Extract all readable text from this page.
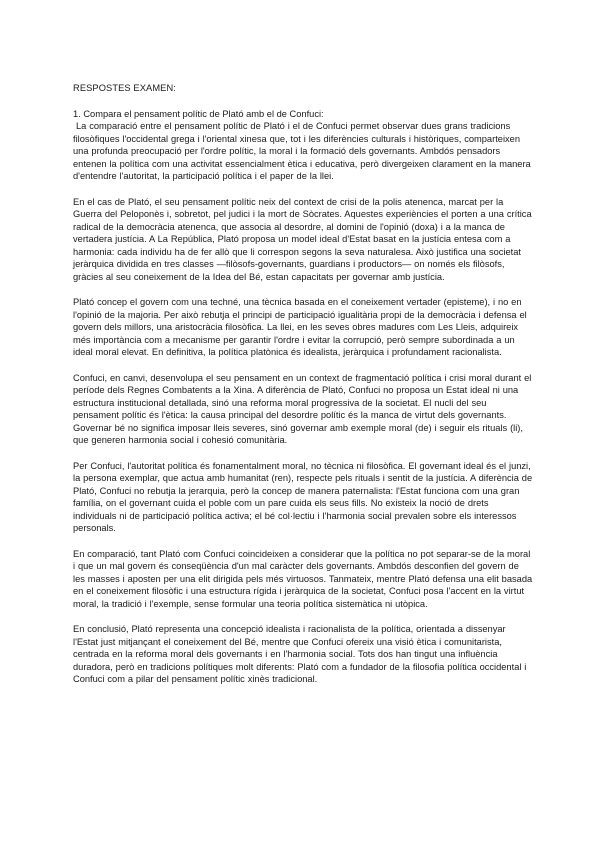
RESPOSTES EXAMEN:

1. Compara el pensament polític de Plató amb el de Confuci:

La comparació entre el pensament polític de Plató i el de Confuci permet observar dues grans tradicions filosòfiques l'occidental grega i l'oriental xinesa que, tot i les diferències culturals i històriques, comparteixen una profunda preocupació per l'ordre polític, la moral i la formació dels governants. Ambdós pensadors entenen la política com una activitat essencialment ètica i educativa, però divergeixen clarament en la manera d'entendre l'autoritat, la participació política i el paper de la llei.

En el cas de Plató, el seu pensament polític neix del context de crisi de la polis atenenca, marcat per la Guerra del Peloponès i, sobretot, pel judici i la mort de Sòcrates. Aquestes experiències el porten a una crítica radical de la democràcia atenenca, que associa al desordre, al domini de l'opinió (doxa) i a la manca de vertadera justícia. A La República, Plató proposa un model ideal d'Estat basat en la justícia entesa com a harmonia: cada individu ha de fer allò que li correspon segons la seva naturalesa. Això justifica una societat jeràrquica dividida en tres classes —filòsofs-governants, guardians i productors— on només els filòsofs, gràcies al seu coneixement de la Idea del Bé, estan capacitats per governar amb justícia.

Plató concep el govern com una techné, una tècnica basada en el coneixement vertader (episteme), i no en l'opinió de la majoria. Per això rebutja el principi de participació igualitària propi de la democràcia i defensa el govern dels millors, una aristocràcia filosòfica. La llei, en les seves obres madures com Les Lleis, adquireix més importància com a mecanisme per garantir l'ordre i evitar la corrupció, però sempre subordinada a un ideal moral elevat. En definitiva, la política platònica és idealista, jeràrquica i profundament racionalista.

Confuci, en canvi, desenvolupa el seu pensament en un context de fragmentació política i crisi moral durant el període dels Regnes Combatents a la Xina. A diferència de Plató, Confuci no proposa un Estat ideal ni una estructura institucional detallada, sinó una reforma moral progressiva de la societat. El nucli del seu pensament polític és l'ètica: la causa principal del desordre polític és la manca de virtut dels governants. Governar bé no significa imposar lleis severes, sinó governar amb exemple moral (de) i seguir els rituals (li), que generen harmonia social i cohesió comunitària.

Per Confuci, l'autoritat política és fonamentalment moral, no tècnica ni filosòfica. El governant ideal és el junzi, la persona exemplar, que actua amb humanitat (ren), respecte pels rituals i sentit de la justícia. A diferència de Plató, Confuci no rebutja la jerarquia, però la concep de manera paternalista: l'Estat funciona com una gran família, on el governant cuida el poble com un pare cuida els seus fills. No existeix la noció de drets individuals ni de participació política activa; el bé col·lectiu i l'harmonia social prevalen sobre els interessos personals.

En comparació, tant Plató com Confuci coincideixen a considerar que la política no pot separar-se de la moral i que un mal govern és conseqüència d'un mal caràcter dels governants. Ambdós desconfien del govern de les masses i aposten per una elit dirigida pels més virtuosos. Tanmateix, mentre Plató defensa una elit basada en el coneixement filosòfic i una estructura rígida i jeràrquica de la societat, Confuci posa l'accent en la virtut moral, la tradició i l'exemple, sense formular una teoria política sistemàtica ni utòpica.

En conclusió, Plató representa una concepció idealista i racionalista de la política, orientada a dissenyar l'Estat just mitjançant el coneixement del Bé, mentre que Confuci ofereix una visió ètica i comunitarista, centrada en la reforma moral dels governants i en l'harmonia social. Tots dos han tingut una influència duradora, però en tradicions polítiques molt diferents: Plató com a fundador de la filosofia política occidental i Confuci com a pilar del pensament polític xinès tradicional.
